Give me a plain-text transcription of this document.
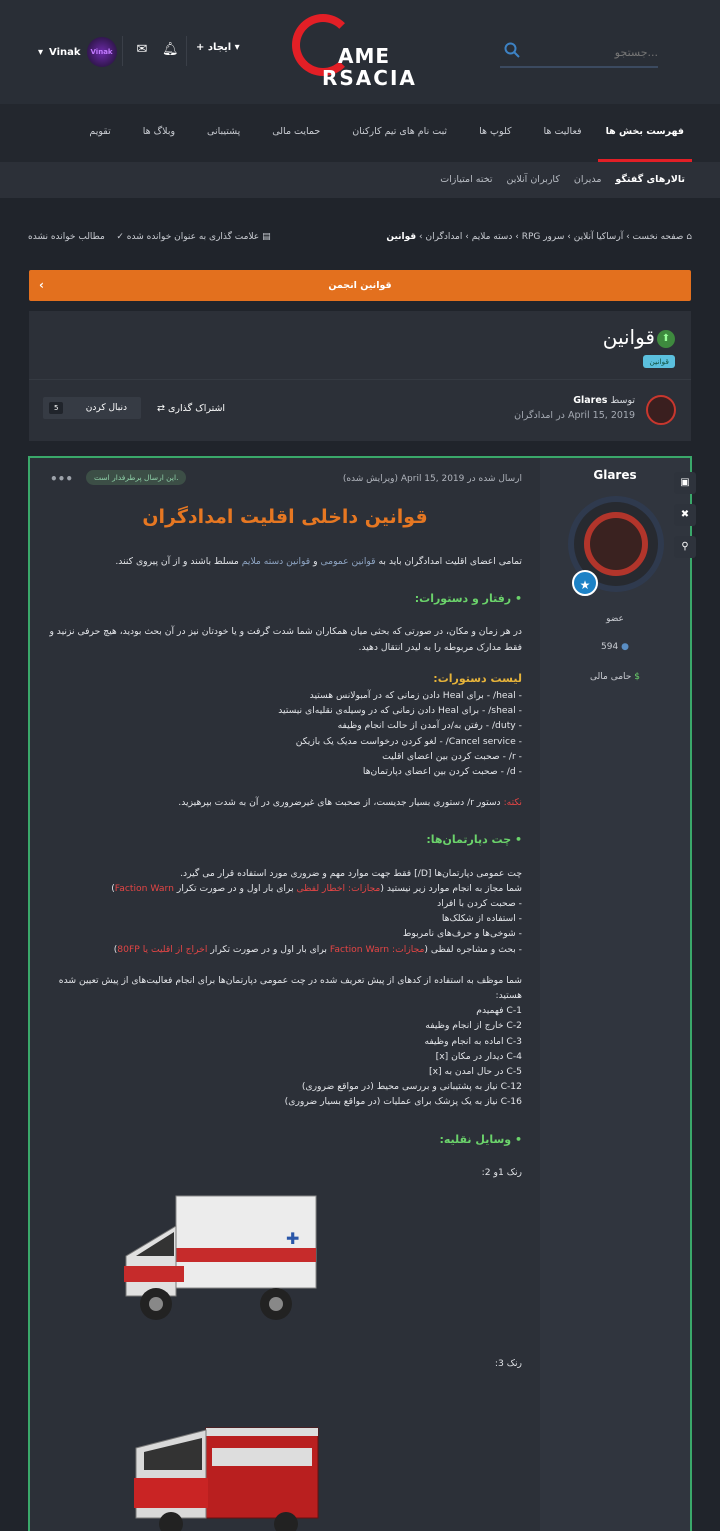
AME
RSACIA
جستجو...
+ ایجاد ▾
✉ 🔔︎
▾ Vinak Vinak
فهرست بخش ها
فعالیت ها
کلوپ ها
ثبت نام های تیم کارکنان
حمایت مالی
پشتیبانی
وبلاگ ها
تقویم
تالارهای گفتگو
مدیران
کاربران آنلاین
تخته امتیازات
⌂ صفحه نخست › آرساکیا آنلاین › سرور RPG › دسته ملایم › امدادگران › قوانین
علامت گذاری به عنوان خوانده شده ✓    مطالب خوانده نشده	▤
‹	قوانین انجمن
⬆
قوانین
قوانین
توسط Glares
April 15, 2019 در امدادگران
⇄ اشتراک گذاری
5	دنبال کردن
Glares
★
عضو
594 ●
حامی مالی $
•••	این ارسال پرطرفدار است.	ارسال شده در April 15, 2019 (ویرایش شده)
قوانین داخلی اقلیت امدادگران

تمامی اعضای اقلیت امدادگران باید به قوانین عمومی و قوانین دسته ملایم مسلط باشند و از آن پیروی کنند.

• رفتار و دستورات:

در هر زمان و مکان، در صورتی که بحثی میان همکاران شما شدت گرفت و یا خودتان نیز در آن بحث بودید، هیچ حرفی نزنید و فقط مدارک مربوطه را به لیدر انتقال دهید.

لیست دستورات:

- heal/ - برای Heal دادن زمانی که در آمبولانس هستید

- sheal/ - برای Heal دادن زمانی که در وسیله‌ی نقلیه‌ای نیستید

- duty/ - رفتن به/در آمدن از حالت انجام وظیفه

- Cancel service/ - لغو کردن درخواست مدیک یک بازیکن

- r/ - صحبت کردن بین اعضای اقلیت

- d/ - صحبت کردن بین اعضای دپارتمان‌ها

نکته: دستور r/ دستوری بسیار جدیست، از صحبت های غیرضروری در آن به شدت بپرهیزید.

• چت دپارتمان‌ها:

چت عمومی دپارتمان‌ها [D/] فقط جهت موارد مهم و ضروری مورد استفاده قرار می گیرد.

شما مجاز به انجام موارد زیر نیستید (مجازات: اخطار لفظی برای بار اول و در صورت تکرار Faction Warn)

- صحبت کردن با افراد

- استفاده از شکلک‌ها

- شوخی‌ها و حرف‌های نامربوط

- بحث و مشاجره لفظی (مجازات: Faction Warn برای بار اول و در صورت تکرار اخراج از اقلیت یا 80FP)

شما موظف به استفاده از کدهای از پیش تعریف شده در چت عمومی دپارتمان‌ها برای انجام فعالیت‌های از پیش تعیین شده هستید:

C-1 فهمیدم

C-2 خارج از انجام وظیفه

C-3 اماده به انجام وظیفه

C-4 دیدار در مکان [x]

C-5 در حال امدن به [x]

C-12 نیاز به پشتیبانی و بررسی محیط (در مواقع ضروری)

C-16 نیاز به یک پزشک برای عملیات (در مواقع بسیار ضروری)

• وسایل نقلیه:

رنک 1و 2:

✚

رنک 3:

▣
✖
⚲
